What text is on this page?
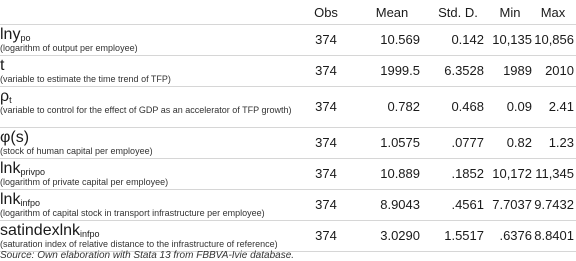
Obs	Mean	Std. D.	Min	Max
lny$_{po}$
(logarithm of output per employee)
374	10.569	0.142 10,135 10,856
t
(variable to estimate the time trend of TFP)
374	1999.5	6.3528	1989	2010
$\rho_t$
(variable to control for the effect of GDP as an accelerator of TFP growth)	374	0.782	0.468	0.09	2.41
φ(s)
(stock of human capital per employee)
374	1.0575	.0777	0.82	1.23
lnk$_{privpo}$
(logarithm of private capital per employee)
374	10.889	.1852 10,172 11,345
lnk$_{infpo}$
(logarithm of capital stock in transport infrastructure per employee)
374	8.9043	.4561 7.7037 9.7432
satindexlnk$_{infpo}$
(saturation index of relative distance to the infrastructure of reference)
374	3.0290	1.5517	.6376 8.8401
Source: Own elaboration with Stata 13 from FBBVA-Ivie database.
